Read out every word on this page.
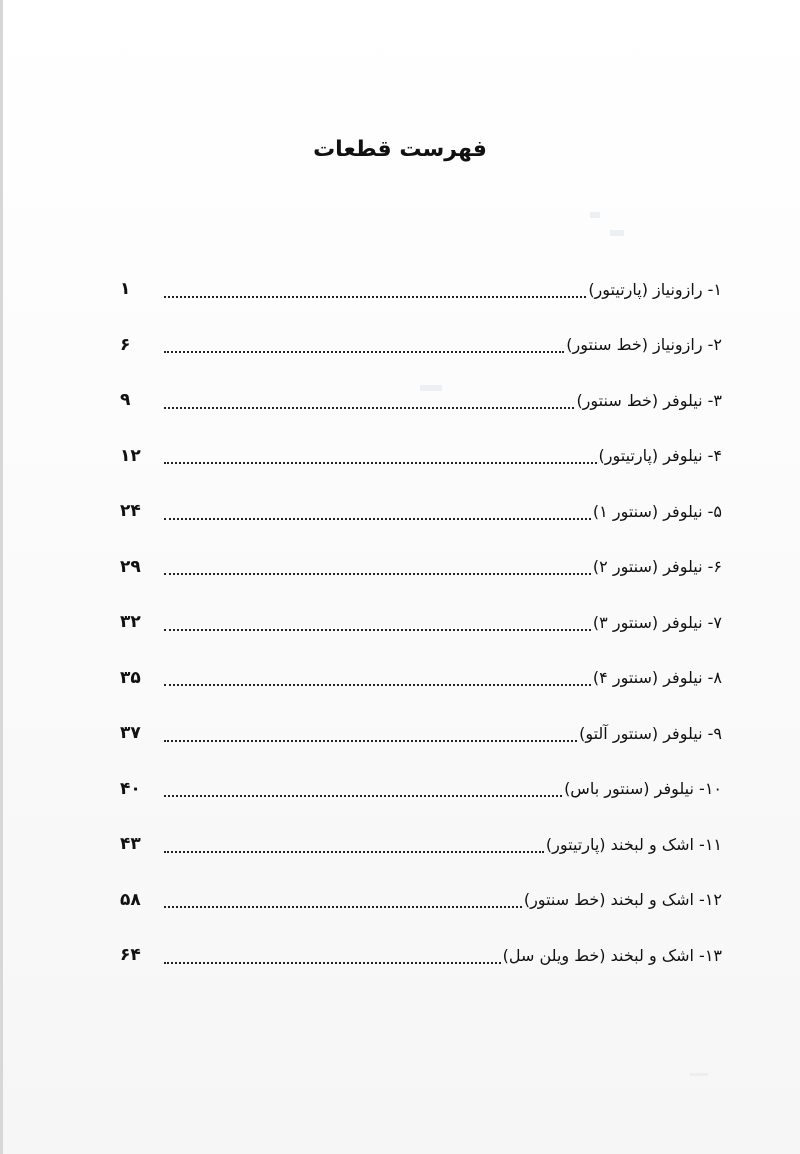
فهرست قطعات
۱- رازونیاز (پارتیتور)
۱
۲- رازونیاز (خط سنتور)
۶
۳- نیلوفر (خط سنتور)
۹
۴- نیلوفر (پارتیتور)
۱۲
۵- نیلوفر (سنتور ۱)
۲۴
۶- نیلوفر (سنتور ۲)
۲۹
۷- نیلوفر (سنتور ۳)
۳۲
۸- نیلوفر (سنتور ۴)
۳۵
۹- نیلوفر (سنتور آلتو)
۳۷
۱۰- نیلوفر (سنتور باس)
۴۰
۱۱- اشک و لبخند (پارتیتور)
۴۳
۱۲- اشک و لبخند (خط سنتور)
۵۸
۱۳- اشک و لبخند (خط ویلن سل)
۶۴
